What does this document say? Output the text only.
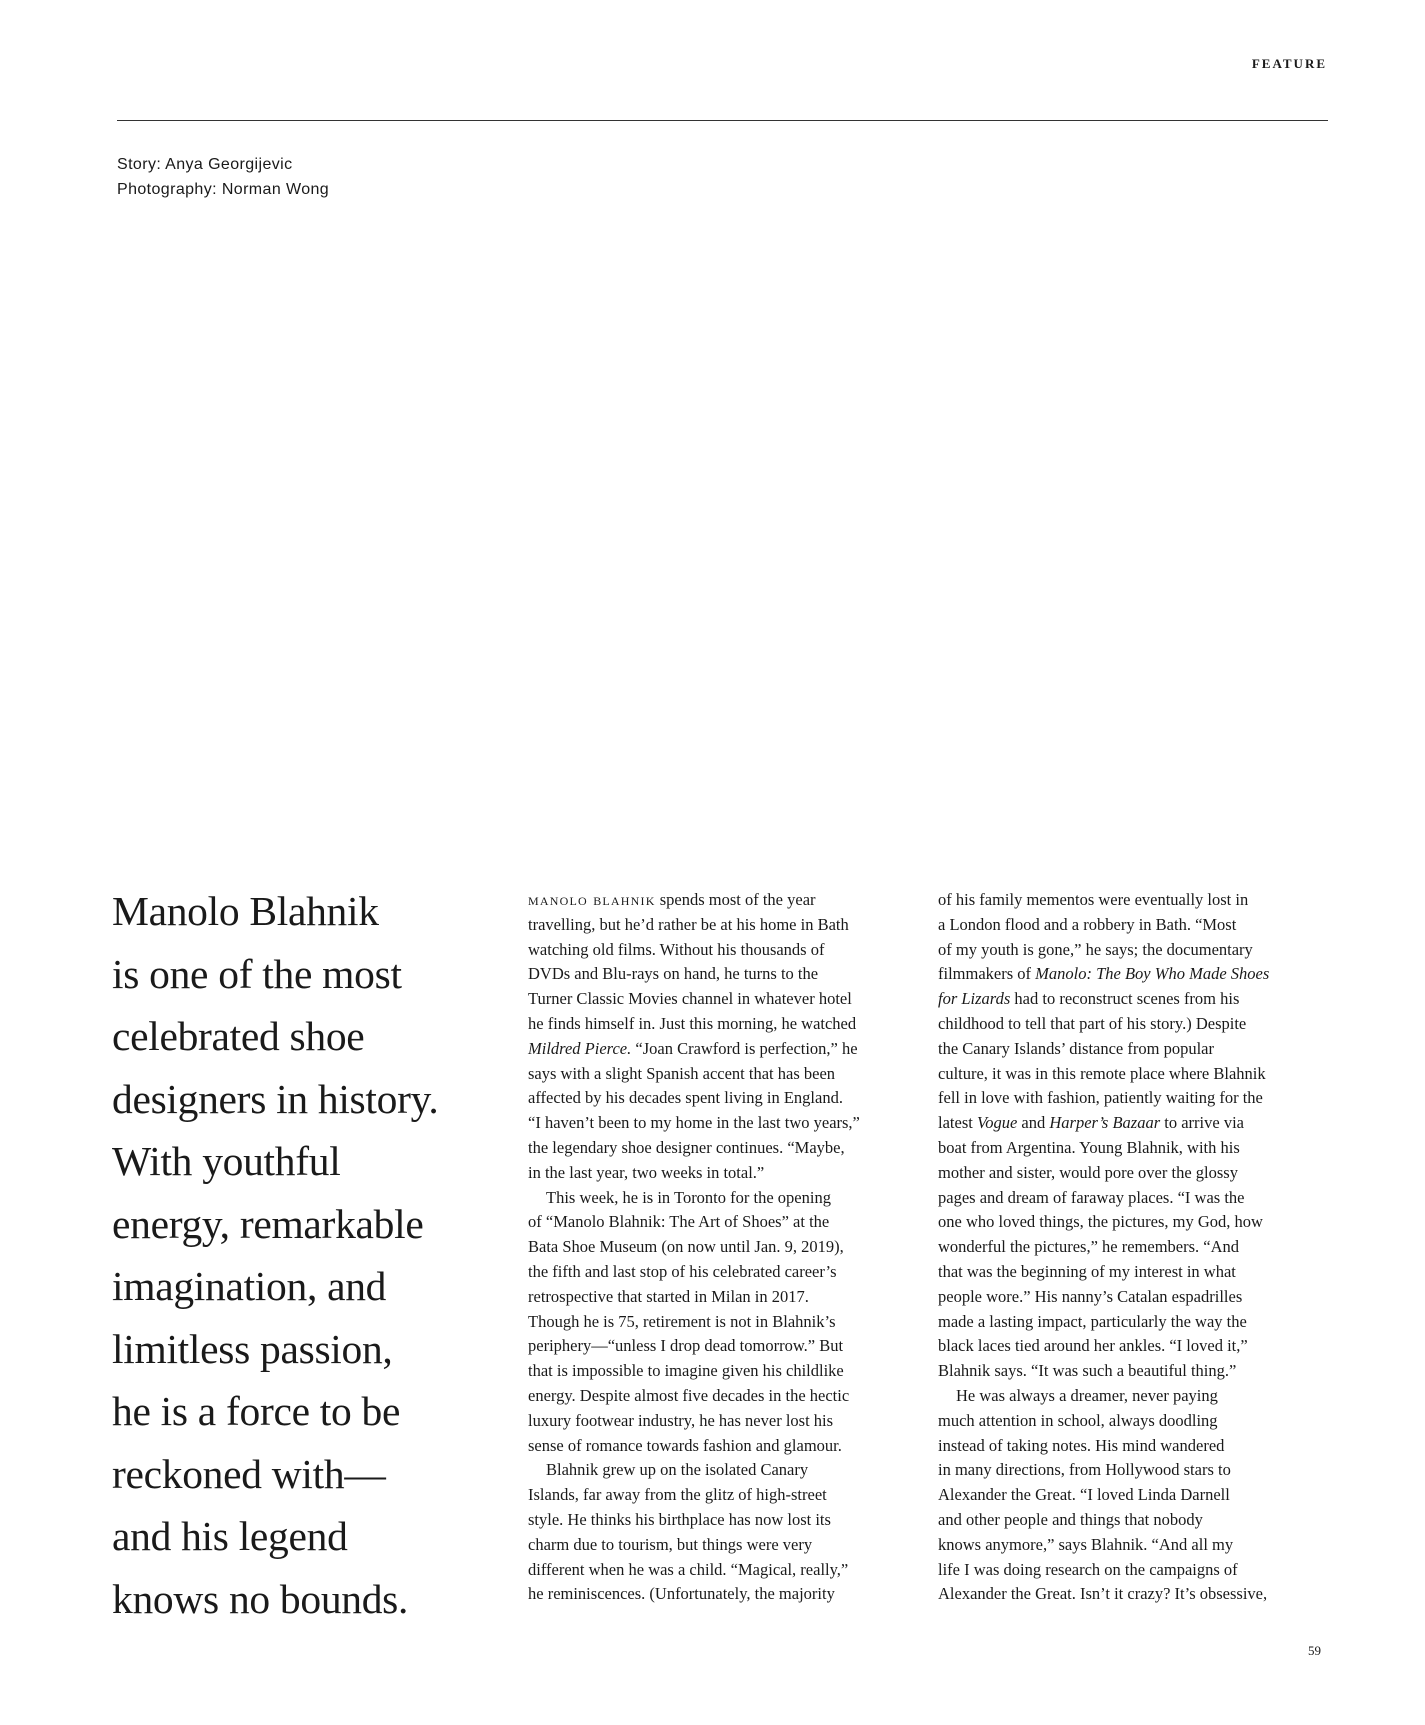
FEATURE
Story: Anya Georgijevic
Photography: Norman Wong
Manolo Blahnik
is one of the most
celebrated shoe
designers in history.
With youthful
energy, remarkable
imagination, and
limitless passion,
he is a force to be
reckoned with—
and his legend
knows no bounds.
manolo blahnik spends most of the year
travelling, but he’d rather be at his home in Bath
watching old films. Without his thousands of
DVDs and Blu-rays on hand, he turns to the
Turner Classic Movies channel in whatever hotel
he finds himself in. Just this morning, he watched
Mildred Pierce. “Joan Crawford is perfection,” he
says with a slight Spanish accent that has been
affected by his decades spent living in England.
“I haven’t been to my home in the last two years,”
the legendary shoe designer continues. “Maybe,
in the last year, two weeks in total.”
This week, he is in Toronto for the opening
of “Manolo Blahnik: The Art of Shoes” at the
Bata Shoe Museum (on now until Jan. 9, 2019),
the fifth and last stop of his celebrated career’s
retrospective that started in Milan in 2017.
Though he is 75, retirement is not in Blahnik’s
periphery—“unless I drop dead tomorrow.” But
that is impossible to imagine given his childlike
energy. Despite almost five decades in the hectic
luxury footwear industry, he has never lost his
sense of romance towards fashion and glamour.
Blahnik grew up on the isolated Canary
Islands, far away from the glitz of high-street
style. He thinks his birthplace has now lost its
charm due to tourism, but things were very
different when he was a child. “Magical, really,”
he reminiscences. (Unfortunately, the majority
of his family mementos were eventually lost in
a London flood and a robbery in Bath. “Most
of my youth is gone,” he says; the documentary
filmmakers of Manolo: The Boy Who Made Shoes
for Lizards had to reconstruct scenes from his
childhood to tell that part of his story.) Despite
the Canary Islands’ distance from popular
culture, it was in this remote place where Blahnik
fell in love with fashion, patiently waiting for the
latest Vogue and Harper’s Bazaar to arrive via
boat from Argentina. Young Blahnik, with his
mother and sister, would pore over the glossy
pages and dream of faraway places. “I was the
one who loved things, the pictures, my God, how
wonderful the pictures,” he remembers. “And
that was the beginning of my interest in what
people wore.” His nanny’s Catalan espadrilles
made a lasting impact, particularly the way the
black laces tied around her ankles. “I loved it,”
Blahnik says. “It was such a beautiful thing.”
He was always a dreamer, never paying
much attention in school, always doodling
instead of taking notes. His mind wandered
in many directions, from Hollywood stars to
Alexander the Great. “I loved Linda Darnell
and other people and things that nobody
knows anymore,” says Blahnik. “And all my
life I was doing research on the campaigns of
Alexander the Great. Isn’t it crazy? It’s obsessive,
59
